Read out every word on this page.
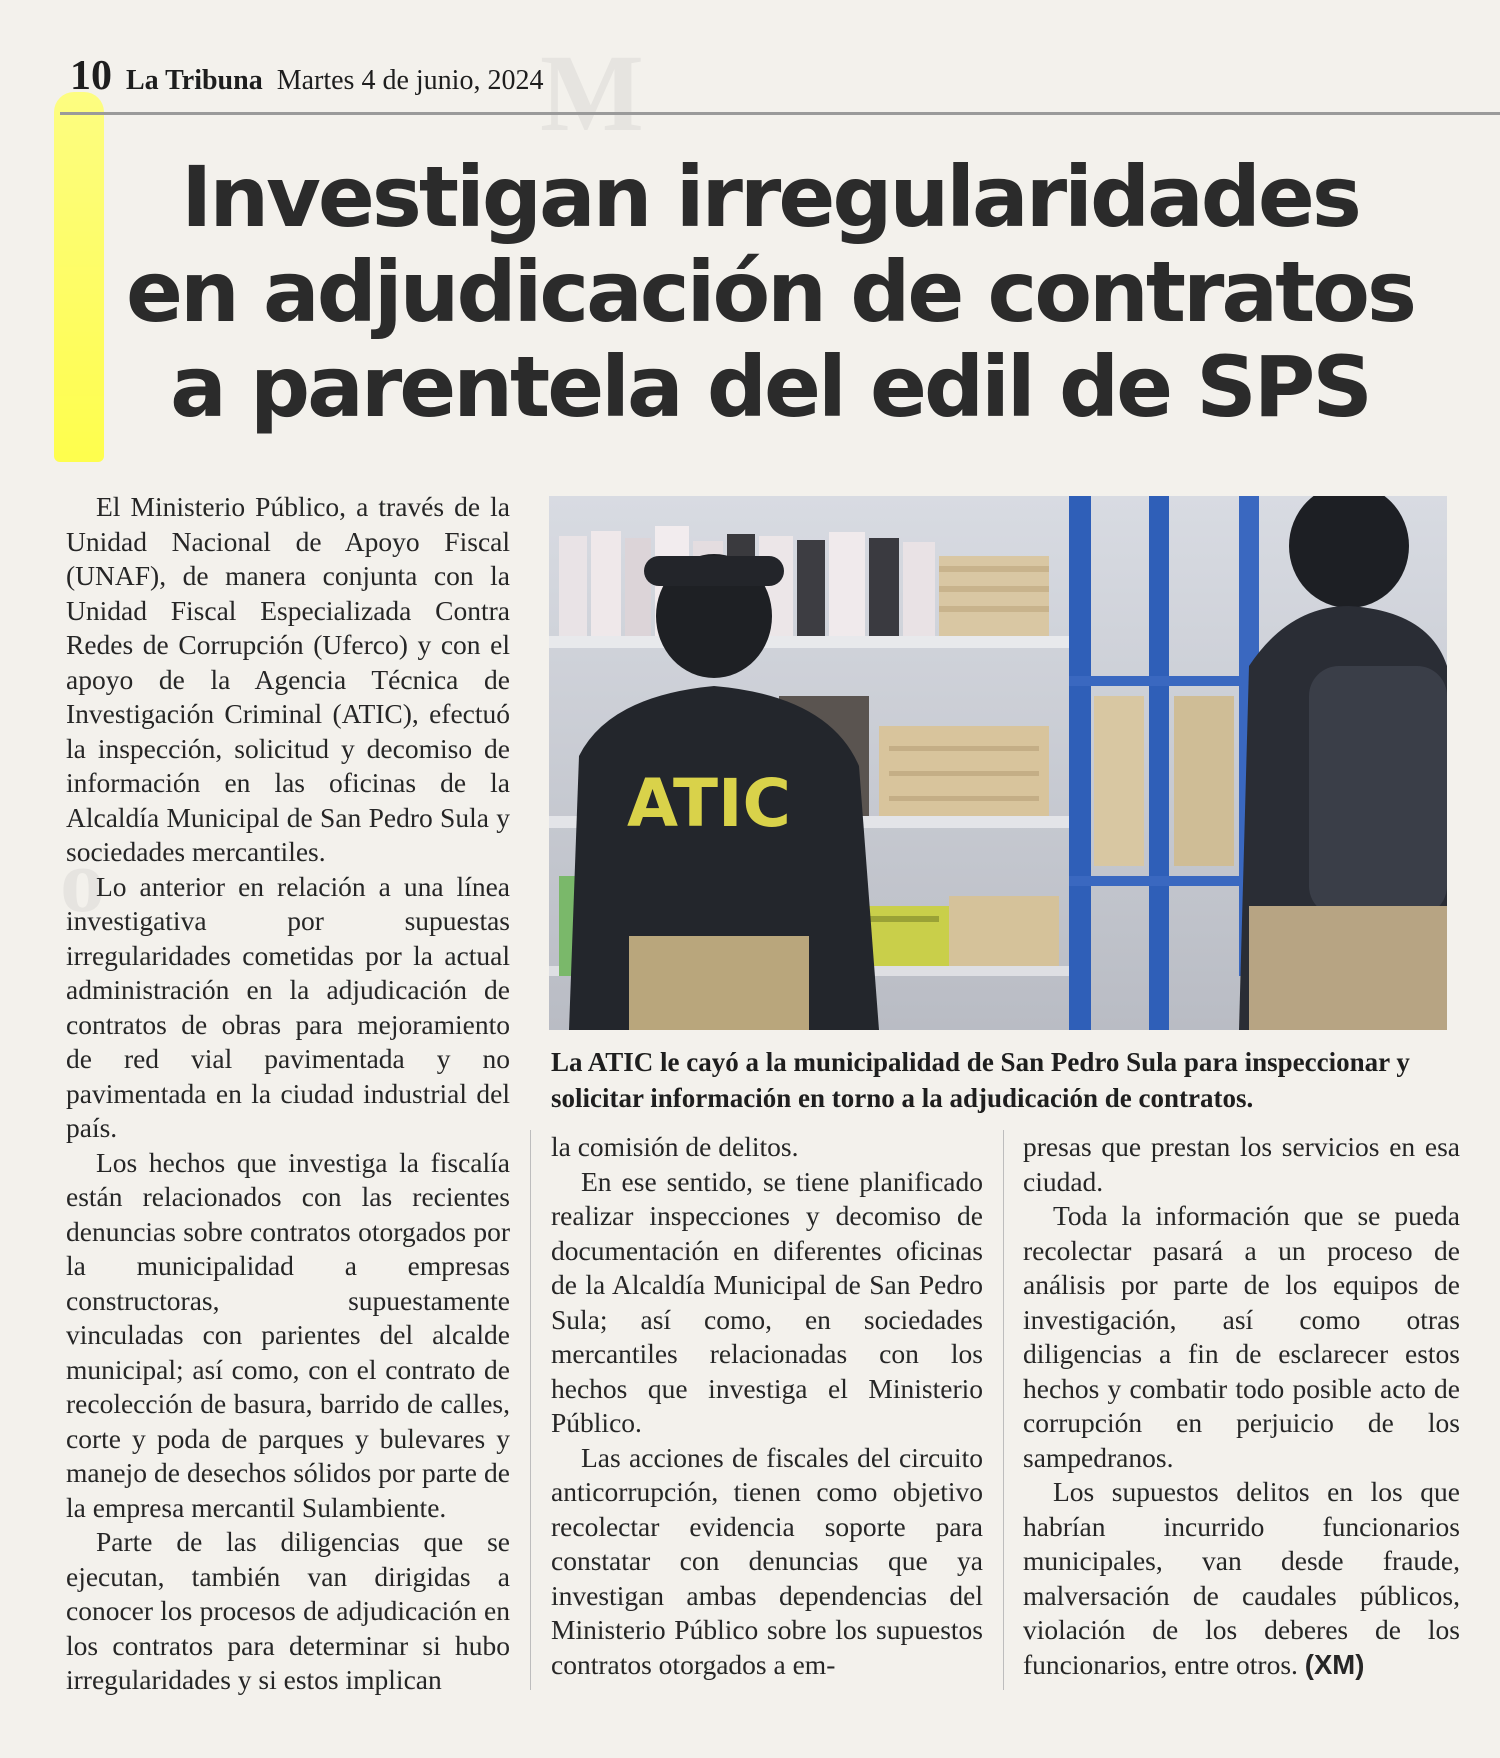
M
o
10 La Tribuna Martes 4 de junio, 2024
Investigan irregularidades
en adjudicación de contratos
a parentela del edil de SPS

El Ministerio Público, a través de la Unidad Nacional de Apoyo Fiscal (UNAF), de manera conjunta con la Unidad Fiscal Especializada Contra Redes de Corrupción (Uferco) y con el apoyo de la Agencia Técnica de Investigación Criminal (ATIC), efectuó la inspección, solicitud y decomiso de información en las oficinas de la Alcaldía Municipal de San Pedro Sula y sociedades mercantiles.

Lo anterior en relación a una línea investigativa por supuestas irregularidades cometidas por la actual administración en la adjudicación de contratos de obras para mejoramiento de red vial pavimentada y no pavimentada en la ciudad industrial del país.

Los hechos que investiga la fiscalía están relacionados con las recientes denuncias sobre contratos otorgados por la municipalidad a empresas constructoras, supuestamente vinculadas con parientes del alcalde municipal; así como, con el contrato de recolección de basura, barrido de calles, corte y poda de parques y bulevares y manejo de desechos sólidos por parte de la empresa mercantil Sulambiente.

Parte de las diligencias que se ejecutan, también van dirigidas a conocer los procesos de adjudicación en los contratos para determinar si hubo irregularidades y si estos implican

ATIC

La ATIC le cayó a la municipalidad de San Pedro Sula para inspeccionar y solicitar información en torno a la adjudicación de contratos.

la comisión de delitos.

En ese sentido, se tiene planificado realizar inspecciones y decomiso de documentación en diferentes oficinas de la Alcaldía Municipal de San Pedro Sula; así como, en sociedades mercantiles relacionadas con los hechos que investiga el Ministerio Público.

Las acciones de fiscales del circuito anticorrupción, tienen como objetivo recolectar evidencia soporte para constatar con denuncias que ya investigan ambas dependencias del Ministerio Público sobre los supuestos contratos otorgados a em-

presas que prestan los servicios en esa ciudad.

Toda la información que se pueda recolectar pasará a un proceso de análisis por parte de los equipos de investigación, así como otras diligencias a fin de esclarecer estos hechos y combatir todo posible acto de corrupción en perjuicio de los sampedranos.

Los supuestos delitos en los que habrían incurrido funcionarios municipales, van desde fraude, malversación de caudales públicos, violación de los deberes de los funcionarios, entre otros. (XM)
